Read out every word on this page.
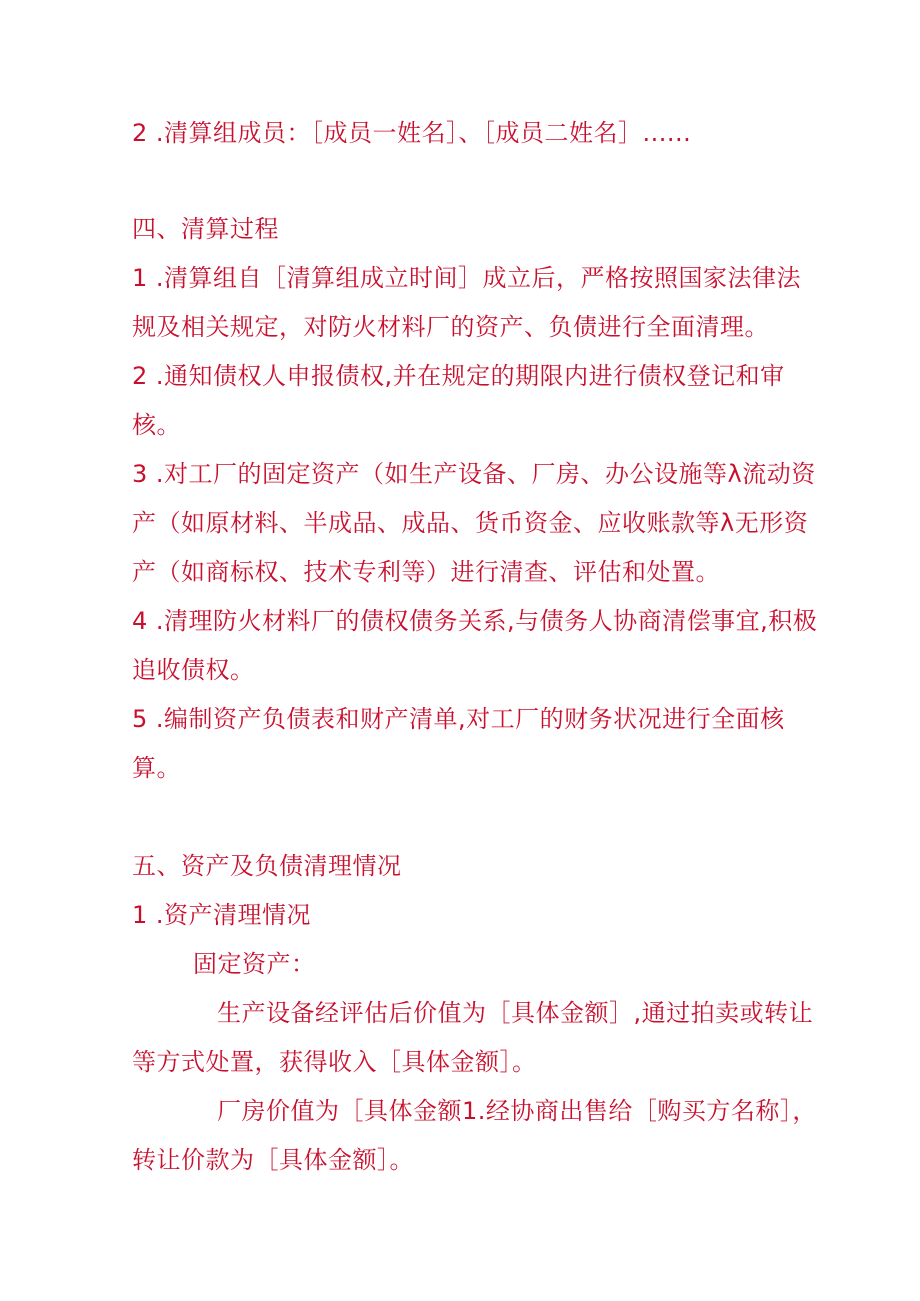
2 .清算组成员：［成员一姓名］、［成员二姓名］......
四、清算过程
1 .清算组自［清算组成立时间］成立后，严格按照国家法律法
规及相关规定，对防火材料厂的资产、负债进行全面清理。
2 .通知债权人申报债权,并在规定的期限内进行债权登记和审
核。
3 .对工厂的固定资产（如生产设备、厂房、办公设施等λ流动资
产（如原材料、半成品、成品、货币资金、应收账款等λ无形资
产（如商标权、技术专利等）进行清查、评估和处置。
4 .清理防火材料厂的债权债务关系,与债务人协商清偿事宜,积极
追收债权。
5 .编制资产负债表和财产清单,对工厂的财务状况进行全面核
算。
五、资产及负债清理情况
1 .资产清理情况
固定资产：
生产设备经评估后价值为［具体金额］,通过拍卖或转让
等方式处置，获得收入［具体金额］。
厂房价值为［具体金额1.经协商出售给［购买方名称］，
转让价款为［具体金额］。
